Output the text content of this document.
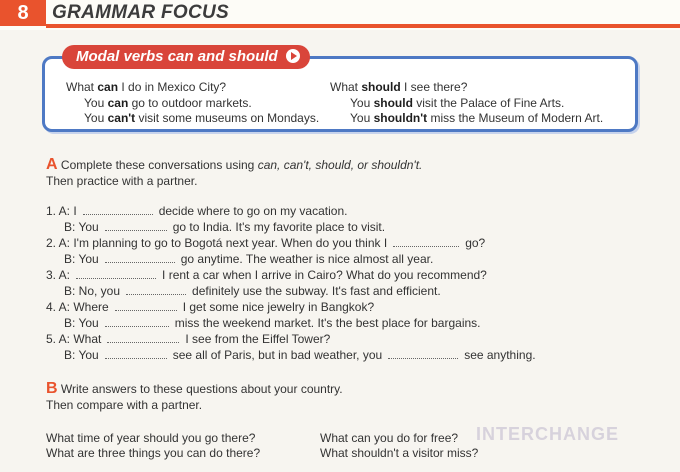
8	GRAMMAR FOCUS
Modal verbs can and should
What can I do in Mexico City?
You can go to outdoor markets.
You can't visit some museums on Mondays.
What should I see there?
You should visit the Palace of Fine Arts.
You shouldn't miss the Museum of Modern Art.
A Complete these conversations using can, can't, should, or shouldn't.
Then practice with a partner.
1. A: I	decide where to go on my vacation.
B: You	go to India. It's my favorite place to visit.
2. A: I'm planning to go to Bogotá next year. When do you think I	go?
B: You	go anytime. The weather is nice almost all year.
3. A:	I rent a car when I arrive in Cairo? What do you recommend?
B: No, you	definitely use the subway. It's fast and efficient.
4. A: Where	I get some nice jewelry in Bangkok?
B: You	miss the weekend market. It's the best place for bargains.
5. A: What	I see from the Eiffel Tower?
B: You	see all of Paris, but in bad weather, you	see anything.
B Write answers to these questions about your country.
Then compare with a partner.
What time of year should you go there?	What can you do for free?
What are three things you can do there?	What shouldn't a visitor miss?
INTERCHANGE
